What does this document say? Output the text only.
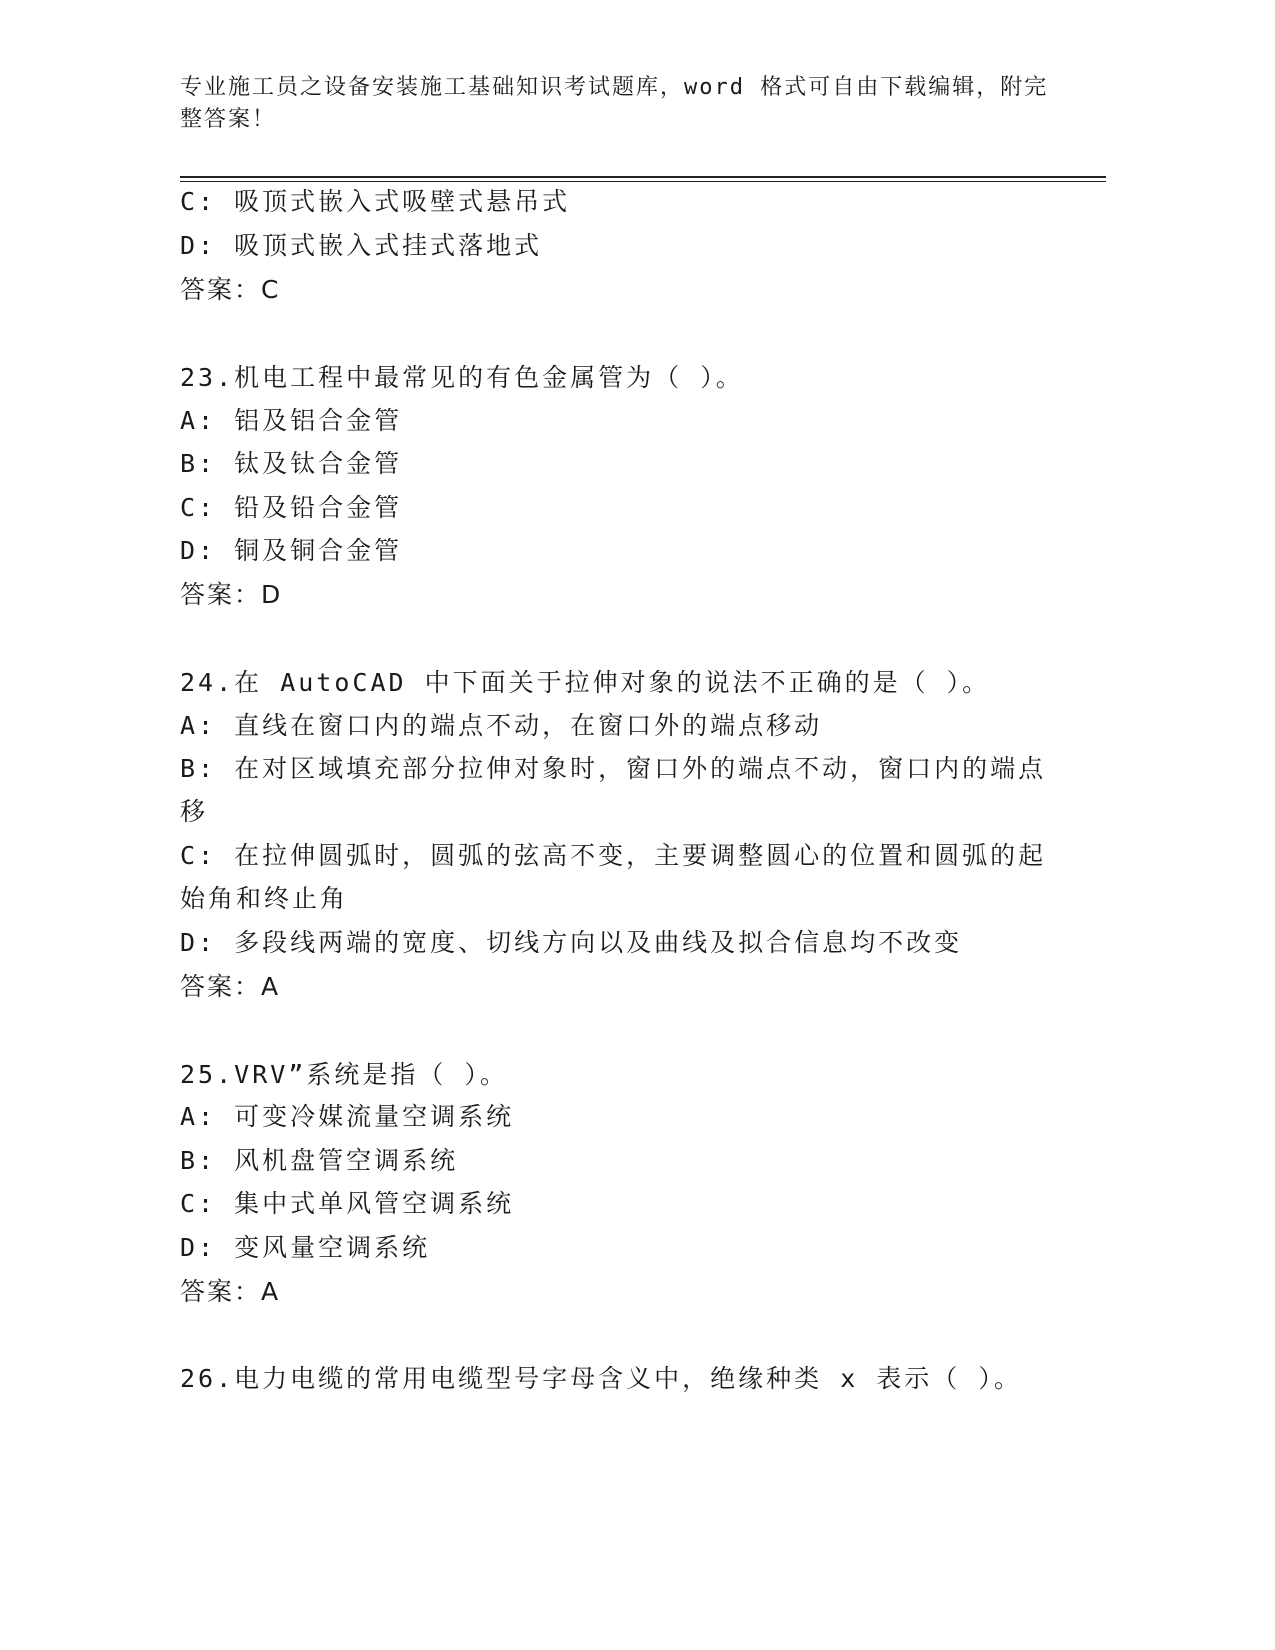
专业施工员之设备安装施工基础知识考试题库，word 格式可自由下载编辑，附完
整答案！
C: 吸顶式嵌入式吸壁式悬吊式
D: 吸顶式嵌入式挂式落地式
答案：C
23.机电工程中最常见的有色金属管为（ ）。
A: 铝及铝合金管
B: 钛及钛合金管
C: 铅及铅合金管
D: 铜及铜合金管
答案：D
24.在 AutoCAD 中下面关于拉伸对象的说法不正确的是（ ）。
A: 直线在窗口内的端点不动，在窗口外的端点移动
B: 在对区域填充部分拉伸对象时，窗口外的端点不动，窗口内的端点
移
C: 在拉伸圆弧时，圆弧的弦高不变，主要调整圆心的位置和圆弧的起
始角和终止角
D: 多段线两端的宽度、切线方向以及曲线及拟合信息均不改变
答案：A
25.VRV”系统是指（ ）。
A: 可变冷媒流量空调系统
B: 风机盘管空调系统
C: 集中式单风管空调系统
D: 变风量空调系统
答案：A
26.电力电缆的常用电缆型号字母含义中，绝缘种类 x 表示（ ）。
